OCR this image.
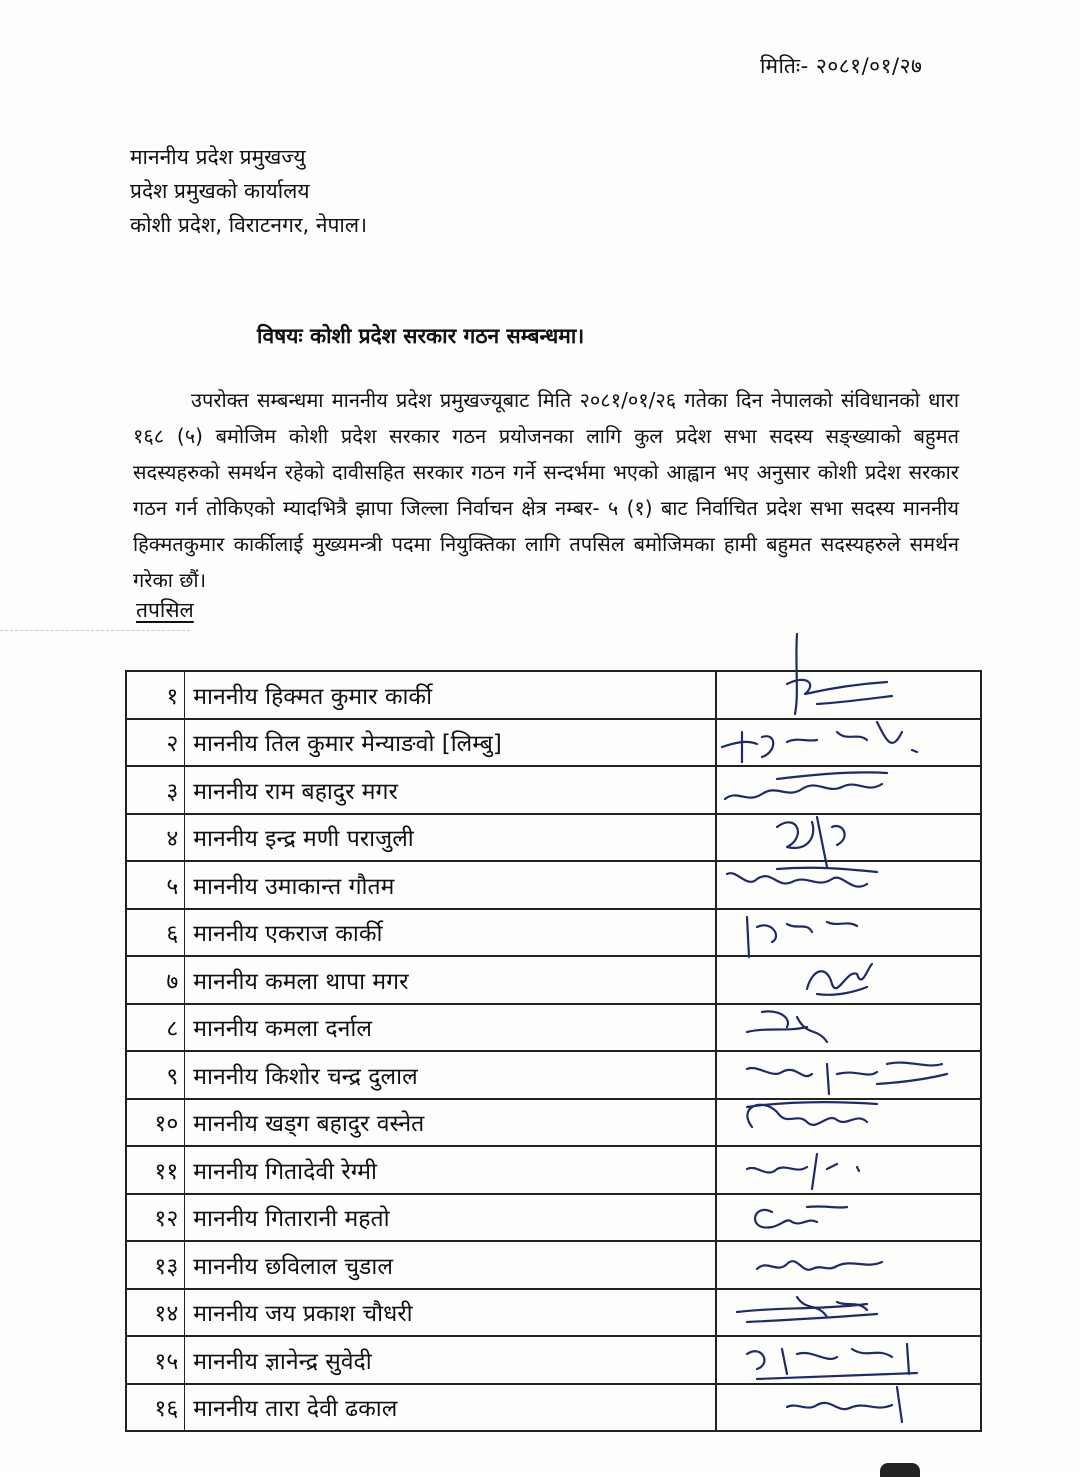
मितिः- २०८१/०१/२७
माननीय प्रदेश प्रमुखज्यु
प्रदेश प्रमुखको कार्यालय
कोशी प्रदेश, विराटनगर, नेपाल।
विषयः कोशी प्रदेश सरकार गठन सम्बन्धमा।
उपरोक्त सम्बन्धमा माननीय प्रदेश प्रमुखज्यूबाट मिति २०८१/०१/२६ गतेका दिन नेपालको संविधानको धारा १६८ (५) बमोजिम कोशी प्रदेश सरकार गठन प्रयोजनका लागि कुल प्रदेश सभा सदस्य सङ्ख्याको बहुमत सदस्यहरुको समर्थन रहेको दावीसहित सरकार गठन गर्ने सन्दर्भमा भएको आह्वान भए अनुसार कोशी प्रदेश सरकार गठन गर्न तोकिएको म्यादभित्रै झापा जिल्ला निर्वाचन क्षेत्र नम्बर- ५ (१) बाट निर्वाचित प्रदेश सभा सदस्य माननीय हिक्मतकुमार कार्कीलाई मुख्यमन्त्री पदमा नियुक्तिका लागि तपसिल बमोजिमका हामी बहुमत सदस्यहरुले समर्थन गरेका छौं।
तपसिल
१	माननीय हिक्मत कुमार कार्की	

२	माननीय तिल कुमार मेन्याङवो [लिम्बु]	

३	माननीय राम बहादुर मगर	

४	माननीय इन्द्र मणी पराजुली	

५	माननीय उमाकान्त गौतम	

६	माननीय एकराज कार्की	

७	माननीय कमला थापा मगर	

८	माननीय कमला दर्नाल	

९	माननीय किशोर चन्द्र दुलाल	

१०	माननीय खड्ग बहादुर वस्नेत	

११	माननीय गितादेवी रेग्मी	

१२	माननीय गितारानी महतो	

१३	माननीय छविलाल चुडाल	

१४	माननीय जय प्रकाश चौधरी	

१५	माननीय ज्ञानेन्द्र सुवेदी	

१६	माननीय तारा देवी ढकाल	
